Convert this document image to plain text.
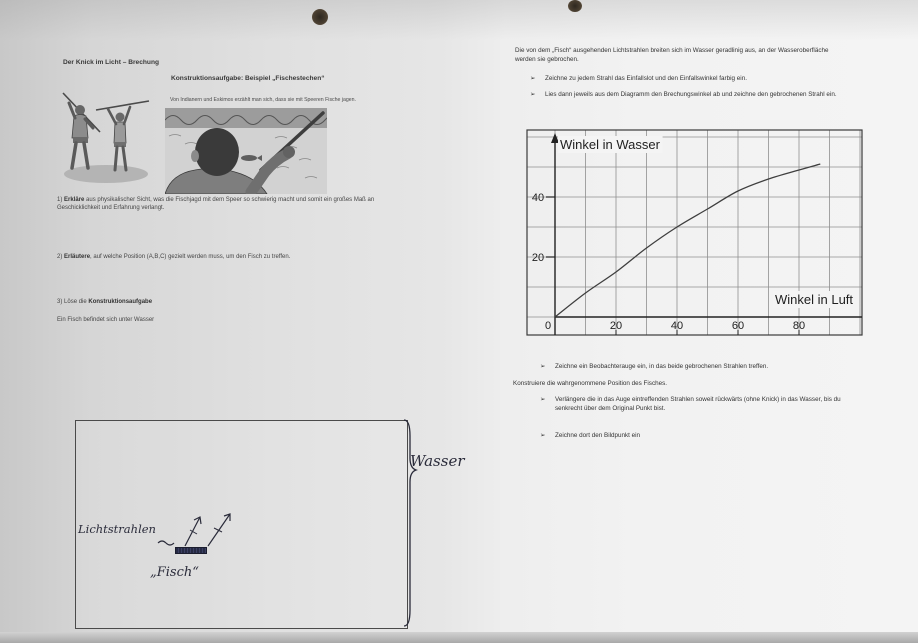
Der Knick im Licht – Brechung
Konstruktionsaufgabe: Beispiel „Fischestechen“
Von Indianern und Eskimos erzählt man sich, dass sie mit Speeren Fische jagen.
1) Erkläre aus physikalischer Sicht, was die Fischjagd mit dem Speer so schwierig macht und somit ein großes Maß an Geschicklichkeit und Erfahrung verlangt.
2) Erläutere, auf welche Position (A,B,C) gezielt werden muss, um den Fisch zu treffen.
3) Löse die Konstruktionsaufgabe
Ein Fisch befindet sich unter Wasser
Wasser
Lichtstrahlen
„Fisch“
Die von dem „Fisch“ ausgehenden Lichtstrahlen breiten sich im Wasser geradlinig aus, an der Wasseroberfläche werden sie gebrochen.
➢	Zeichne zu jedem Strahl das Einfallslot und den Einfallswinkel farbig ein.
➢	Lies dann jeweils aus dem Diagramm den Brechungswinkel ab und zeichne den gebrochenen Strahl ein.
20
40
0	20	40	60	80
Winkel in Wasser
Winkel in Luft
➢	Zeichne ein Beobachterauge ein, in das beide gebrochenen Strahlen treffen.
Konstruiere die wahrgenommene Position des Fisches.
➢	Verlängere die in das Auge eintreffenden Strahlen soweit rückwärts (ohne Knick) in das Wasser, bis du senkrecht über dem Original Punkt bist.
➢	Zeichne dort den Bildpunkt ein
